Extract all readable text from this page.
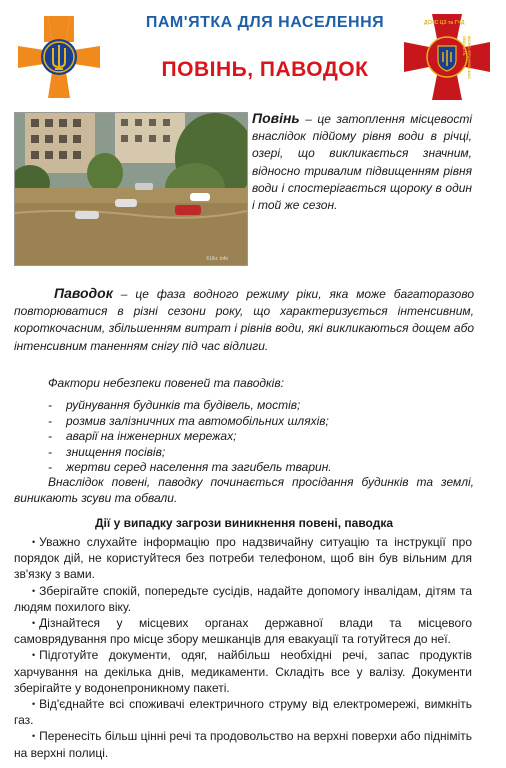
ПАМ'ЯТКА ДЛЯ НАСЕЛЕННЯ
ПОВІНЬ, ПАВОДОК
ДСНС ЦЗ та ГЧД
ІВАНО-ФРАНКІВСЬКА ОБЛАСТЬ
©Ukr. info
Повінь – це затоплення місцевості внаслідок підйому рівня води в річці, озері, що викликається значним, відносно тривалим підвищенням рівня води і спостерігається щороку в один і той же сезон.
Паводок – це фаза водного режиму ріки, яка може багаторазово повторюватися в різні сезони року, що характеризується інтенсивним, короткочасним, збільшенням витрат і рівнів води, які викликаються дощем або інтенсивним таненням снігу під час відлиги.
Фактори небезпеки повеней та паводків:
- руйнування будинків та будівель, мостів;
- розмив залізничних та автомобільних шляхів;
- аварії на інженерних мережах;
- знищення посівів;
- жертви серед населення та загибель тварин.
Внаслідок повені, паводку починається просідання будинків та землі, виникають зсуви та обвали.
Дії у випадку загрози виникнення повені, паводка

• Уважно слухайте інформацію про надзвичайну ситуацію та інструкції про порядок дій, не користуйтеся без потреби телефоном, щоб він був вільним для зв'язку з вами.

• Зберігайте спокій, попередьте сусідів, надайте допомогу інвалідам, дітям та людям похилого віку.

• Дізнайтеся у місцевих органах державної влади та місцевого самоврядування про місце збору мешканців для евакуації та готуйтеся до неї.

• Підготуйте документи, одяг, найбільш необхідні речі, запас продуктів харчування на декілька днів, медикаменти. Складіть все у валізу. Документи зберігайте у водонепроникному пакеті.

• Від'єднайте всі споживачі електричного струму від електромережі, вимкніть газ.

• Перенесіть більш цінні речі та продовольство на верхні поверхи або підніміть на верхні полиці.
